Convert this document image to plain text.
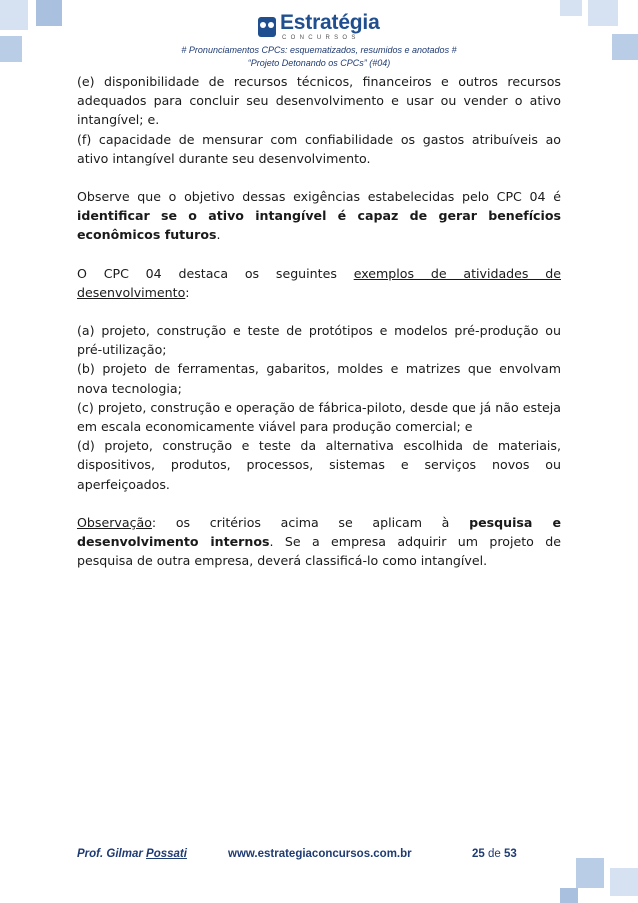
Estratégia
CONCURSOS
# Pronunciamentos CPCs: esquematizados, resumidos e anotados #
“Projeto Detonando os CPCs” (#04)

(e) disponibilidade de recursos técnicos, financeiros e outros recursos adequados para concluir seu desenvolvimento e usar ou vender o ativo intangível; e.

(f) capacidade de mensurar com confiabilidade os gastos atribuíveis ao ativo intangível durante seu desenvolvimento.

Observe que o objetivo dessas exigências estabelecidas pelo CPC 04 é identificar se o ativo intangível é capaz de gerar benefícios econômicos futuros.

O CPC 04 destaca os seguintes exemplos de atividades de desenvolvimento:

(a) projeto, construção e teste de protótipos e modelos pré-produção ou pré-utilização;

(b) projeto de ferramentas, gabaritos, moldes e matrizes que envolvam nova tecnologia;

(c) projeto, construção e operação de fábrica-piloto, desde que já não esteja em escala economicamente viável para produção comercial; e

(d) projeto, construção e teste da alternativa escolhida de materiais, dispositivos, produtos, processos, sistemas e serviços novos ou aperfeiçoados.

Observação: os critérios acima se aplicam à pesquisa e desenvolvimento internos. Se a empresa adquirir um projeto de pesquisa de outra empresa, deverá classificá-lo como intangível.

Prof. Gilmar Possati	www.estrategiaconcursos.com.br	25 de 53
